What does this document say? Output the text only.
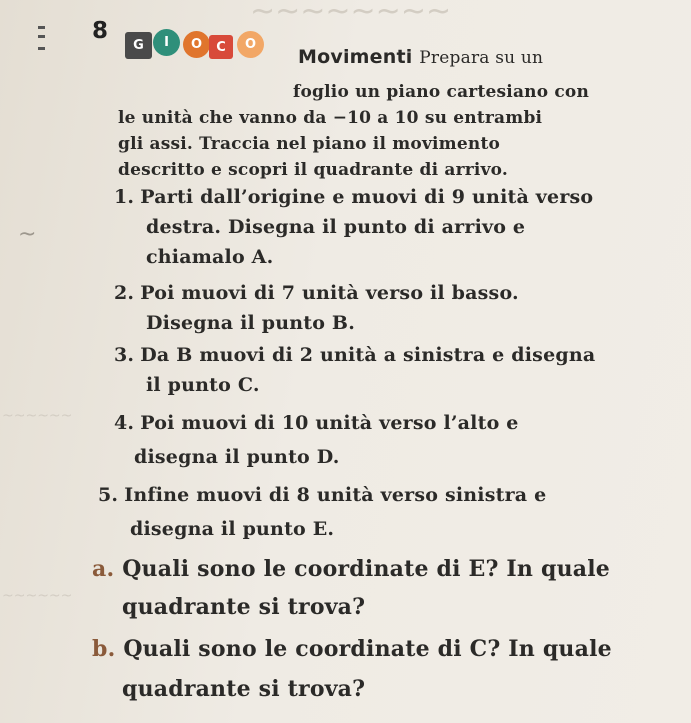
~~~~~~~~
~~~~~~
~~~~~~
~
8
G	I	O	C	O
Movimenti Prepara su un
foglio un piano cartesiano con
le unità che vanno da −10 a 10 su entrambi
gli assi. Traccia nel piano il movimento
descritto e scopri il quadrante di arrivo.
1. Parti dall’origine e muovi di 9 unità verso
destra. Disegna il punto di arrivo e
chiamalo A.
2. Poi muovi di 7 unità verso il basso.
Disegna il punto B.
3. Da B muovi di 2 unità a sinistra e disegna
il punto C.
4. Poi muovi di 10 unità verso l’alto e
disegna il punto D.
5. Infine muovi di 8 unità verso sinistra e
disegna il punto E.
a. Quali sono le coordinate di E? In quale
quadrante si trova?
b. Quali sono le coordinate di C? In quale
quadrante si trova?
